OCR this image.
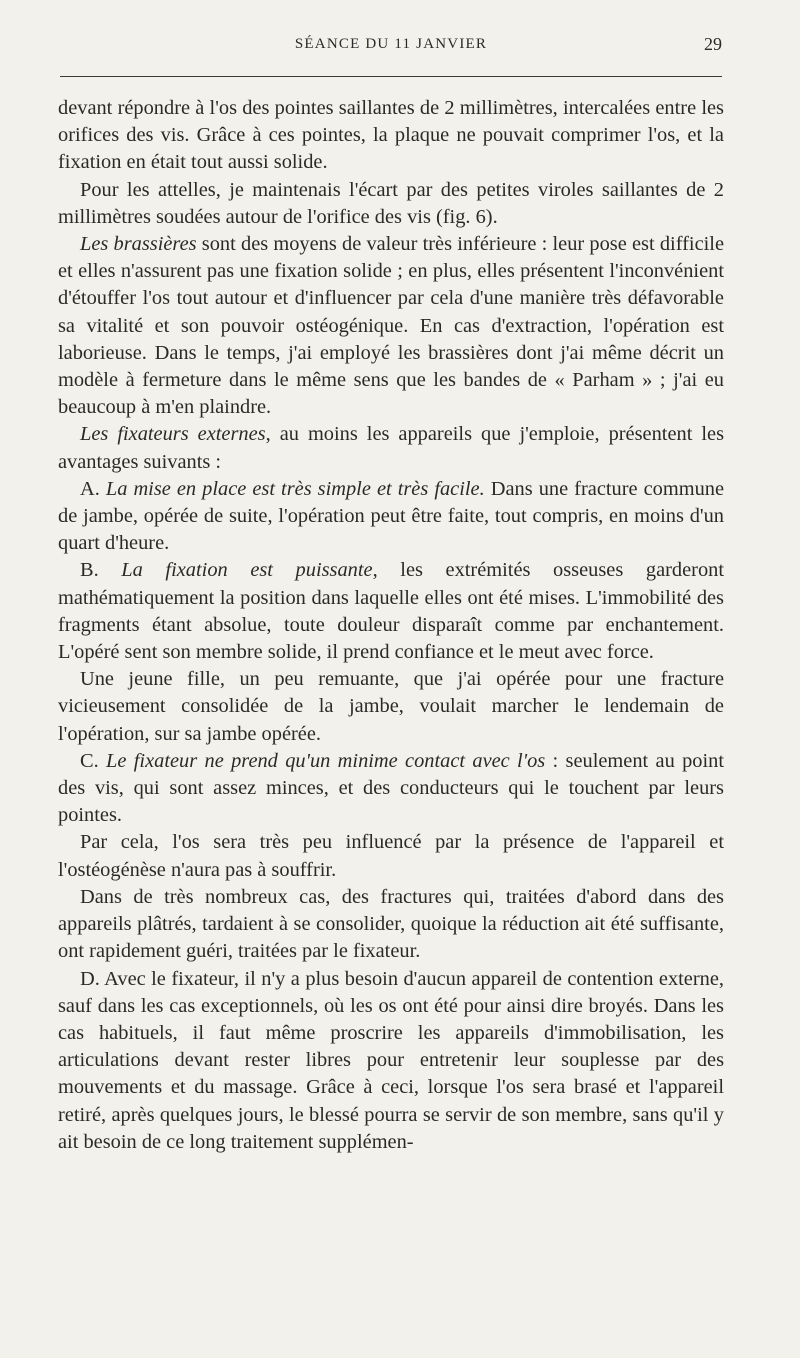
SÉANCE DU 11 JANVIER	29

devant répondre à l'os des pointes saillantes de 2 millimètres, intercalées entre les orifices des vis. Grâce à ces pointes, la plaque ne pouvait comprimer l'os, et la fixation en était tout aussi solide.

Pour les attelles, je maintenais l'écart par des petites viroles saillantes de 2 millimètres soudées autour de l'orifice des vis (fig. 6).

Les brassières sont des moyens de valeur très inférieure : leur pose est difficile et elles n'assurent pas une fixation solide ; en plus, elles présentent l'inconvénient d'étouffer l'os tout autour et d'influencer par cela d'une manière très défavorable sa vitalité et son pouvoir ostéogénique. En cas d'extraction, l'opération est laborieuse. Dans le temps, j'ai employé les brassières dont j'ai même décrit un modèle à fermeture dans le même sens que les bandes de « Parham » ; j'ai eu beaucoup à m'en plaindre.

Les fixateurs externes, au moins les appareils que j'emploie, présentent les avantages suivants :

A. La mise en place est très simple et très facile. Dans une fracture commune de jambe, opérée de suite, l'opération peut être faite, tout compris, en moins d'un quart d'heure.

B. La fixation est puissante, les extrémités osseuses garderont mathématiquement la position dans laquelle elles ont été mises. L'immobilité des fragments étant absolue, toute douleur disparaît comme par enchantement. L'opéré sent son membre solide, il prend confiance et le meut avec force.

Une jeune fille, un peu remuante, que j'ai opérée pour une fracture vicieusement consolidée de la jambe, voulait marcher le lendemain de l'opération, sur sa jambe opérée.

C. Le fixateur ne prend qu'un minime contact avec l'os : seulement au point des vis, qui sont assez minces, et des conducteurs qui le touchent par leurs pointes.

Par cela, l'os sera très peu influencé par la présence de l'appareil et l'ostéogénèse n'aura pas à souffrir.

Dans de très nombreux cas, des fractures qui, traitées d'abord dans des appareils plâtrés, tardaient à se consolider, quoique la réduction ait été suffisante, ont rapidement guéri, traitées par le fixateur.

D. Avec le fixateur, il n'y a plus besoin d'aucun appareil de contention externe, sauf dans les cas exceptionnels, où les os ont été pour ainsi dire broyés. Dans les cas habituels, il faut même proscrire les appareils d'immobilisation, les articulations devant rester libres pour entretenir leur souplesse par des mouvements et du massage. Grâce à ceci, lorsque l'os sera brasé et l'appareil retiré, après quelques jours, le blessé pourra se servir de son membre, sans qu'il y ait besoin de ce long traitement supplémen-
